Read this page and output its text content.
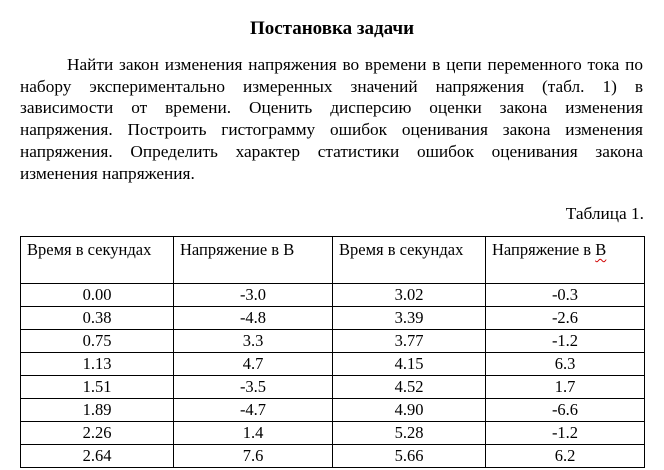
Постановка задачи

Найти закон изменения напряжения во времени в цепи переменного тока по набору экспериментально измеренных значений напряжения (табл. 1) в зависимости от времени. Оценить дисперсию оценки закона изменения напряжения. Построить гистограмму ошибок оценивания закона изменения напряжения. Определить характер статистики ошибок оценивания закона изменения напряжения.

Таблица 1.
Время в секундах	Напряжение в В	Время в секундах	Напряжение в В
0.00	-3.0	3.02	-0.3
0.38	-4.8	3.39	-2.6
0.75	3.3	3.77	-1.2
1.13	4.7	4.15	6.3
1.51	-3.5	4.52	1.7
1.89	-4.7	4.90	-6.6
2.26	1.4	5.28	-1.2
2.64	7.6	5.66	6.2
